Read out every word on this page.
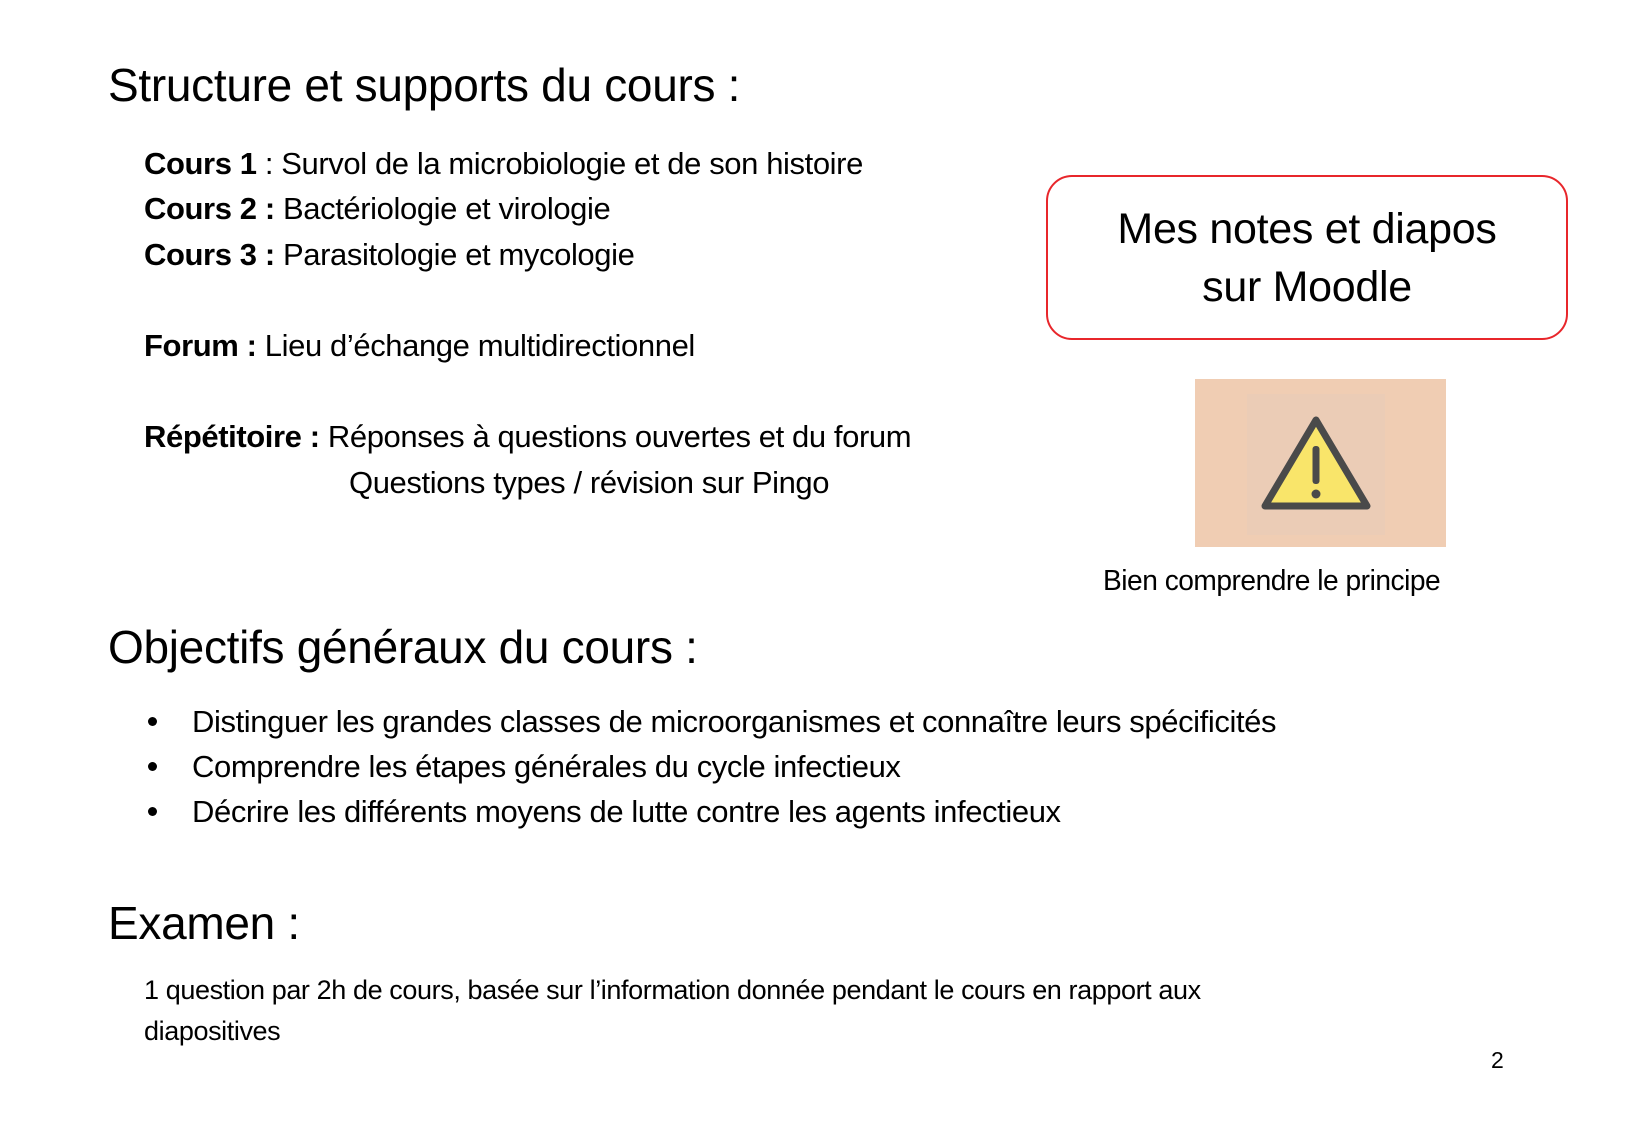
Structure et supports du cours :
Cours 1 : Survol de la microbiologie et de son histoire
Cours 2 : Bactériologie et virologie
Cours 3 : Parasitologie et mycologie
Forum : Lieu d’échange multidirectionnel
Répétitoire : Réponses à questions ouvertes et du forum
Questions types / révision sur Pingo
Mes notes et diapos
sur Moodle
Bien comprendre le principe
Objectifs généraux du cours :
Distinguer les grandes classes de microorganismes et connaître leurs spécificités
Comprendre les étapes générales du cycle infectieux
Décrire les différents moyens de lutte contre les agents infectieux
Examen :
1 question par 2h de cours, basée sur l’information donnée pendant le cours en rapport aux
diapositives
2
